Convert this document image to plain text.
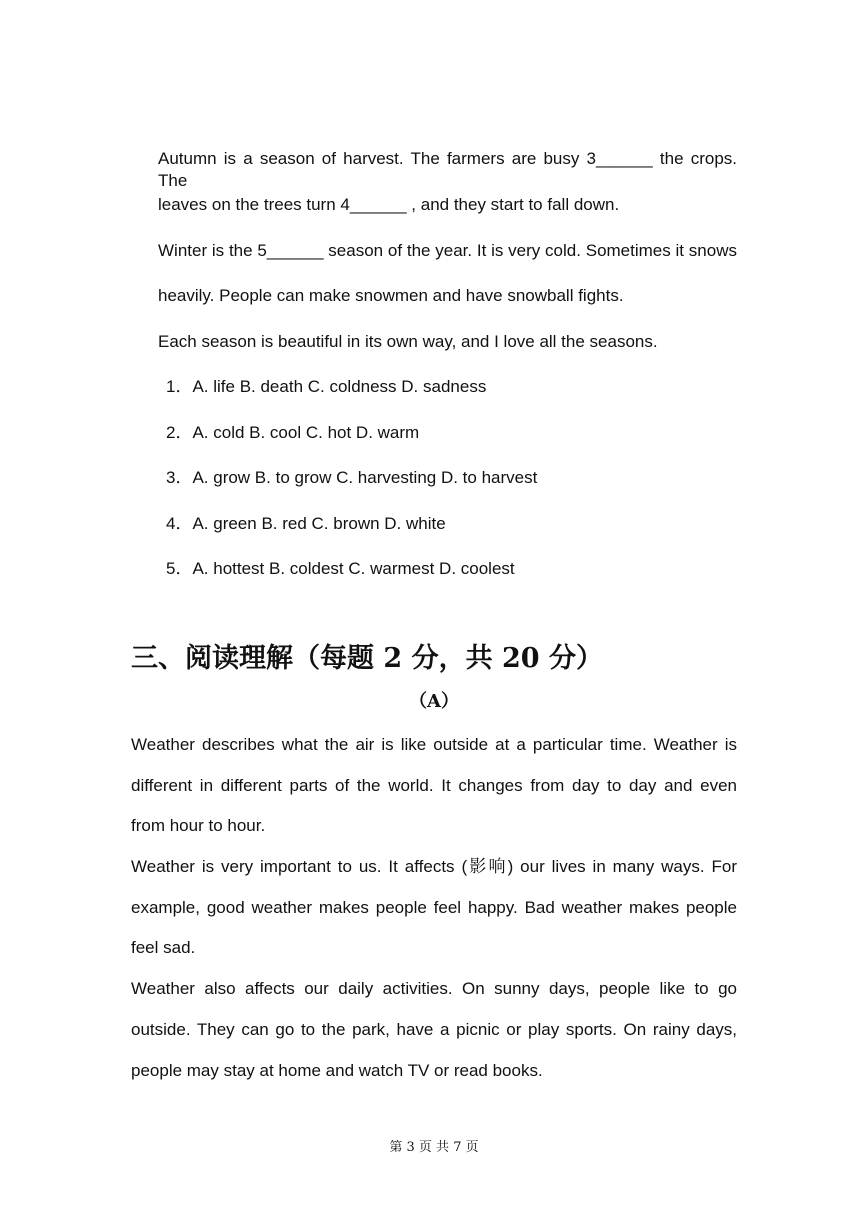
Autumn is a season of harvest. The farmers are busy 3______ the crops. The
leaves on the trees turn 4______ , and they start to fall down.
Winter is the 5______ season of the year. It is very cold. Sometimes it snows
heavily. People can make snowmen and have snowball fights.
Each season is beautiful in its own way, and I love all the seasons.
1．A. life B. death C. coldness D. sadness
2．A. cold B. cool C. hot D. warm
3．A. grow B. to grow C. harvesting D. to harvest
4．A. green B. red C. brown D. white
5．A. hottest B. coldest C. warmest D. coolest
三、阅读理解（每题 2 分，共 20 分）
（A）
Weather describes what the air is like outside at a particular time. Weather is
different in different parts of the world. It changes from day to day and even
from hour to hour.
Weather is very important to us. It affects (影响) our lives in many ways. For
example, good weather makes people feel happy. Bad weather makes people
feel sad.
Weather also affects our daily activities. On sunny days, people like to go
outside. They can go to the park, have a picnic or play sports. On rainy days,
people may stay at home and watch TV or read books.
第 3 页 共 7 页
